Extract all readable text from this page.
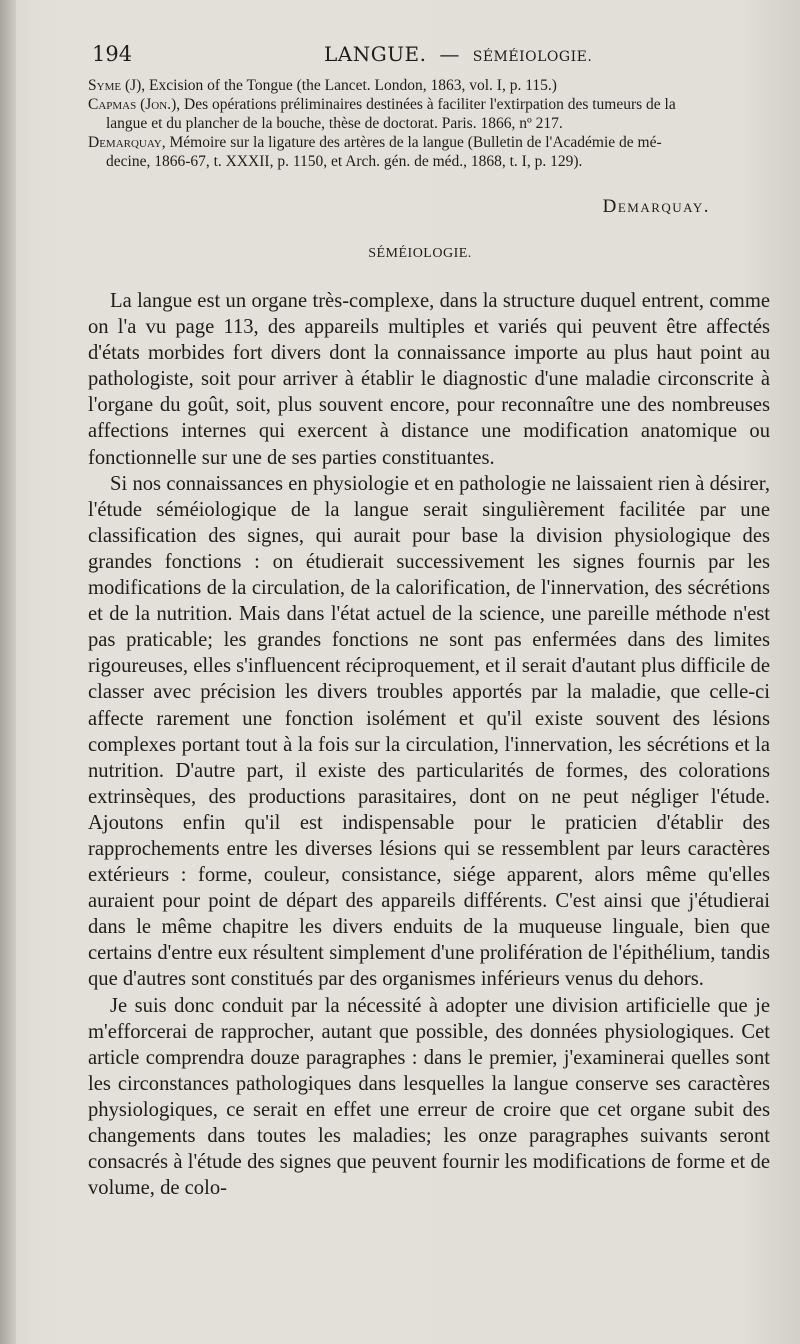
194	LANGUE. — SÉMÉIOLOGIE.

Syme (J), Excision of the Tongue (the Lancet. London, 1863, vol. I, p. 115.)

Capmas (Jon.), Des opérations préliminaires destinées à faciliter l'extirpation des tumeurs de la
langue et du plancher de la bouche, thèse de doctorat. Paris. 1866, nº 217.

Demarquay, Mémoire sur la ligature des artères de la langue (Bulletin de l'Académie de mé-
decine, 1866-67, t. XXXII, p. 1150, et Arch. gén. de méd., 1868, t. I, p. 129).

Demarquay.
SÉMÉIOLOGIE.

La langue est un organe très-complexe, dans la structure duquel entrent, comme on l'a vu page 113, des appareils multiples et variés qui peuvent être affectés d'états morbides fort divers dont la connaissance importe au plus haut point au pathologiste, soit pour arriver à établir le diagnostic d'une maladie circonscrite à l'organe du goût, soit, plus souvent encore, pour reconnaître une des nombreuses affections internes qui exercent à distance une modification anatomique ou fonctionnelle sur une de ses parties constituantes.

Si nos connaissances en physiologie et en pathologie ne laissaient rien à désirer, l'étude séméiologique de la langue serait singulièrement facilitée par une classification des signes, qui aurait pour base la division physiologique des grandes fonctions : on étudierait successivement les signes fournis par les modifications de la circulation, de la calorification, de l'innervation, des sécrétions et de la nutrition. Mais dans l'état actuel de la science, une pareille méthode n'est pas praticable; les grandes fonctions ne sont pas enfermées dans des limites rigoureuses, elles s'influencent réciproquement, et il serait d'autant plus difficile de classer avec précision les divers troubles apportés par la maladie, que celle-ci affecte rarement une fonction isolément et qu'il existe souvent des lésions complexes portant tout à la fois sur la circulation, l'innervation, les sécrétions et la nutrition. D'autre part, il existe des particularités de formes, des colorations extrinsèques, des productions parasitaires, dont on ne peut négliger l'étude. Ajoutons enfin qu'il est indispensable pour le praticien d'établir des rapprochements entre les diverses lésions qui se ressemblent par leurs caractères extérieurs : forme, couleur, consistance, siége apparent, alors même qu'elles auraient pour point de départ des appareils différents. C'est ainsi que j'étudierai dans le même chapitre les divers enduits de la muqueuse linguale, bien que certains d'entre eux résultent simplement d'une prolifération de l'épithélium, tandis que d'autres sont constitués par des organismes inférieurs venus du dehors.

Je suis donc conduit par la nécessité à adopter une division artificielle que je m'efforcerai de rapprocher, autant que possible, des données physiologiques. Cet article comprendra douze paragraphes : dans le premier, j'examinerai quelles sont les circonstances pathologiques dans lesquelles la langue conserve ses caractères physiologiques, ce serait en effet une erreur de croire que cet organe subit des changements dans toutes les maladies; les onze paragraphes suivants seront consacrés à l'étude des signes que peuvent fournir les modifications de forme et de volume, de colo-
